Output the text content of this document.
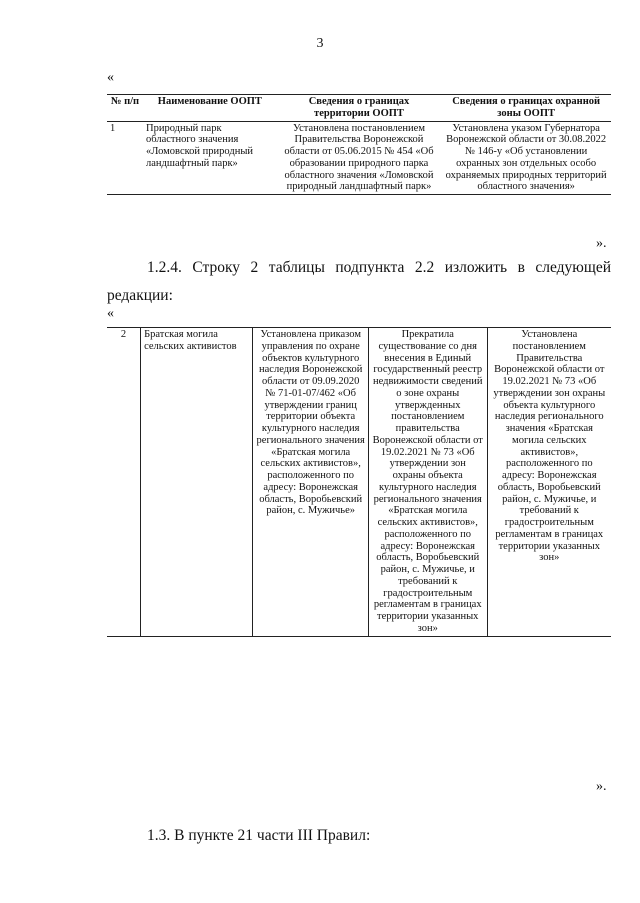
3
«
№ п/п	Наименование ООПТ	Сведения о границах территории ООПТ	Сведения о границах охранной зоны ООПТ
1	Природный парк областного значения «Ломовской природный ландшафтный парк»	Установлена постановлением Правительства Воронежской области от 05.06.2015 № 454 «Об образовании природного парка областного значения «Ломовской природный ландшафтный парк»	Установлена указом Губернатора Воронежской области от 30.08.2022 № 146-у «Об установлении охранных зон отдельных особо охраняемых природных территорий областного значения»
».
1.2.4. Строку 2 таблицы подпункта 2.2 изложить в следующей редакции:
«
2	Братская могила сельских активистов	Установлена приказом управления по охране объектов культурного наследия Воронежской области от 09.09.2020 № 71-01-07/462 «Об утверждении границ территории объекта культурного наследия регионального значения «Братская могила сельских активистов», расположенного по адресу: Воронежская область, Воробьевский район, с. Мужичье»	Прекратила существование со дня внесения в Единый государственный реестр недвижимости сведений о зоне охраны утвержденных постановлением правительства Воронежской области от 19.02.2021 № 73 «Об утверждении зон охраны объекта культурного наследия регионального значения «Братская могила сельских активистов», расположенного по адресу: Воронежская область, Воробьевский район, с. Мужичье, и требований к градостроительным регламентам в границах территории указанных зон»	Установлена постановлением Правительства Воронежской области от 19.02.2021 № 73 «Об утверждении зон охраны объекта культурного наследия регионального значения «Братская могила сельских активистов», расположенного по адресу: Воронежская область, Воробьевский район, с. Мужичье, и требований к градостроительным регламентам в границах территории указанных зон»
».
1.3. В пункте 21 части III Правил:
